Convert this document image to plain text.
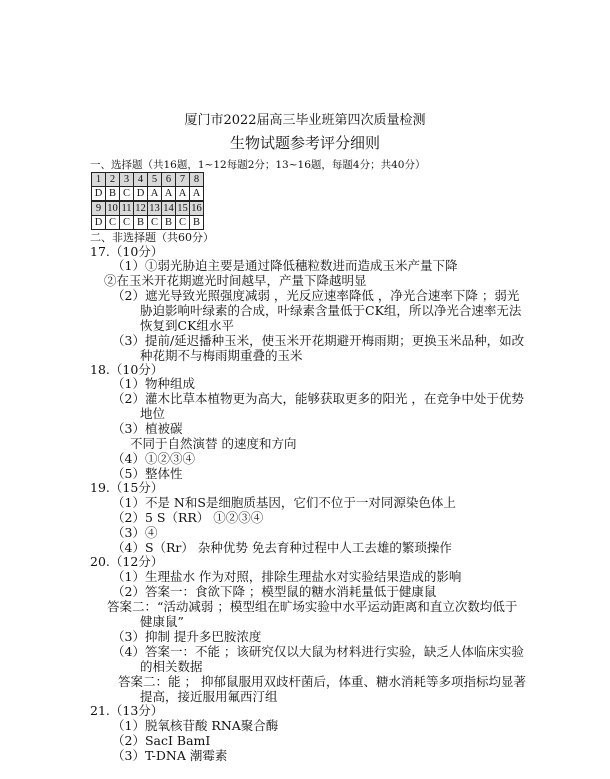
厦门市2022届高三毕业班第四次质量检测
生物试题参考评分细则
一、选择题（共16题，1~12每题2分；13~16题，每题4分；共40分）
1	2	3	4	5	6	7	8
D	B	C	D	A	A	A	A
9	10	11	12	13	14	15	16
D	C	C	B	C	B	C	B
二、非选择题（共60分）
17.（10分）
（1）①弱光胁迫主要是通过降低穗粒数进而造成玉米产量下降
②在玉米开花期遮光时间越早，产量下降越明显
（2）遮光导致光照强度减弱 ，光反应速率降低 ，净光合速率下降 ；弱光
胁迫影响叶绿素的合成，叶绿素含量低于CK组，所以净光合速率无法
恢复到CK组水平
（3）提前/延迟播种玉米，使玉米开花期避开梅雨期；更换玉米品种，如改
种花期不与梅雨期重叠的玉米
18.（10分）
（1）物种组成
（2）灌木比草本植物更为高大，能够获取更多的阳光 ，在竞争中处于优势
地位
（3）植被碳
不同于自然演替 的速度和方向
（4）①②③④
（5）整体性
19.（15分）
（1）不是 N和S是细胞质基因，它们不位于一对同源染色体上
（2）5 S（RR） ①②③④
（3）④
（4）S（Rr） 杂种优势 免去育种过程中人工去雄的繁琐操作
20.（12分）
（1）生理盐水 作为对照，排除生理盐水对实验结果造成的影响
（2）答案一：食欲下降 ；模型鼠的糖水消耗量低于健康鼠
答案二：“活动减弱 ；模型组在旷场实验中水平运动距离和直立次数均低于
健康鼠”
（3）抑制 提升多巴胺浓度
（4）答案一：不能 ；该研究仅以大鼠为材料进行实验，缺乏人体临床实验
的相关数据
答案二：能 ； 抑郁鼠服用双歧杆菌后，体重、糖水消耗等多项指标均显著
提高，接近服用氟西汀组
21.（13分）
（1）脱氧核苷酸 RNA聚合酶
（2）SacI BamI
（3）T-DNA 潮霉素
